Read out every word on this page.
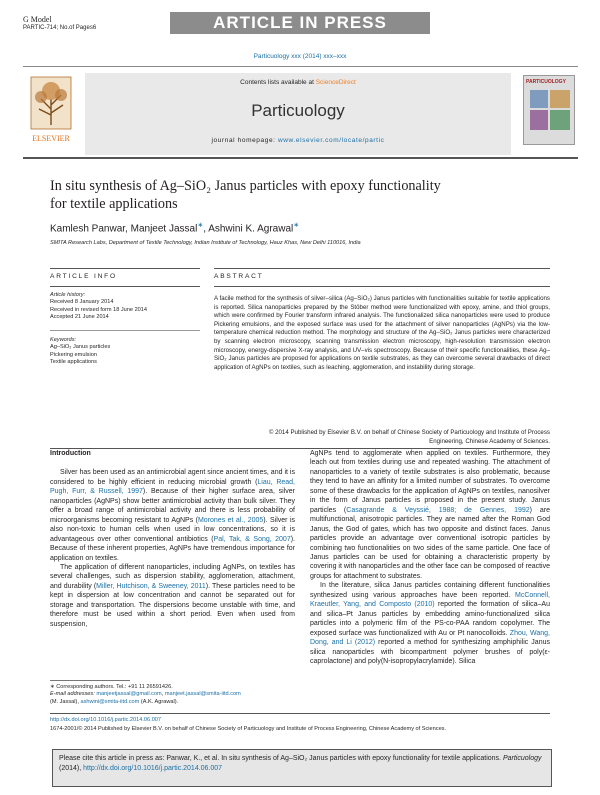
G Model
PARTIC-714; No.of Pages6	ARTICLE IN PRESS
Particuology xxx (2014) xxx–xxx
ELSEVIER
Contents lists available at ScienceDirect
Particuology
journal homepage: www.elsevier.com/locate/partic
PARTICUOLOGY
In situ synthesis of Ag–SiO₂ Janus particles with epoxy functionality
for textile applications
Kamlesh Panwar, Manjeet Jassal∗, Ashwini K. Agrawal∗
SMITA Research Labs, Department of Textile Technology, Indian Institute of Technology, Hauz Khas, New Delhi 110016, India
ARTICLE INFO	ABSTRACT
Article history:
Received 8 January 2014
Received in revised form 18 June 2014
Accepted 21 June 2014
Keywords:
Ag–SiO₂ Janus particles
Pickering emulsion
Textile applications
A facile method for the synthesis of silver–silica (Ag–SiO₂) Janus particles with functionalities suitable for textile applications is reported. Silica nanoparticles prepared by the Stöber method were functionalized with epoxy, amine, and thiol groups, which were confirmed by Fourier transform infrared analysis. The functionalized silica nanoparticles were used to produce Pickering emulsions, and the exposed surface was used for the attachment of silver nanoparticles (AgNPs) via the low-temperature chemical reduction method. The morphology and structure of the Ag–SiO₂ Janus particles were characterized by scanning electron microscopy, scanning transmission electron microscopy, high-resolution transmission electron microscopy, energy-dispersive X-ray analysis, and UV–vis spectroscopy. Because of their specific functionalities, these Ag–SiO₂ Janus particles are proposed for applications on textile substrates, as they can overcome several drawbacks of direct application of AgNPs on textiles, such as leaching, agglomeration, and instability during storage.
© 2014 Published by Elsevier B.V. on behalf of Chinese Society of Particuology and Institute of Process
Engineering, Chinese Academy of Sciences.
Introduction

Silver has been used as an antimicrobial agent since ancient times, and it is considered to be highly efficient in reducing microbial growth (Liau, Read, Pugh, Furr, & Russell, 1997). Because of their higher surface area, silver nanoparticles (AgNPs) show better antimicrobial activity than bulk silver. They offer a broad range of antimicrobial activity and there is less probability of microorganisms becoming resistant to AgNPs (Morones et al., 2005). Silver is also non-toxic to human cells when used in low concentrations, so it is advantageous over other conventional antibiotics (Pal, Tak, & Song, 2007). Because of these inherent properties, AgNPs have tremendous importance for application on textiles.

The application of different nanoparticles, including AgNPs, on textiles has several challenges, such as dispersion stability, agglomeration, attachment, and durability (Miller, Hutchison, & Sweeney, 2011). These particles need to be kept in dispersion at low concentration and cannot be separated out for storage and transportation. The dispersions become unstable with time, and therefore must be used within a short period. Even when used from suspension,

AgNPs tend to agglomerate when applied on textiles. Furthermore, they leach out from textiles during use and repeated washing. The attachment of nanoparticles to a variety of textile substrates is also problematic, because they tend to have an affinity for a limited number of substrates. To overcome some of these drawbacks for the application of AgNPs on textiles, nanosilver in the form of Janus particles is proposed in the present study. Janus particles (Casagrande & Veyssié, 1988; de Gennes, 1992) are multifunctional, anisotropic particles. They are named after the Roman God Janus, the God of gates, which has two opposite and distinct faces. Janus particles provide an advantage over conventional isotropic particles by combining two functionalities on two sides of the same particle. One face of Janus particles can be used for obtaining a characteristic property by covering it with nanoparticles and the other face can be composed of reactive groups for attachment to substrates.

In the literature, silica Janus particles containing different functionalities synthesized using various approaches have been reported. McConnell, Kraeutler, Yang, and Composto (2010) reported the formation of silica–Au and silica–Pt Janus particles by embedding amino-functionalized silica particles into a polymeric film of the PS-co-PAA random copolymer. The exposed surface was functionalized with Au or Pt nanocolloids. Zhou, Wang, Dong, and Li (2012) reported a method for synthesizing amphiphilic Janus silica nanoparticles with bicompartment polymer brushes of poly(ε-caprolactone) and poly(N-isopropylacrylamide). Silica

∗ Corresponding authors. Tel.: +91 11 26591426.
E-mail addresses: manjeetjassal@gmail.com, manjeet.jassal@smita-iitd.com
(M. Jassal), ashwini@smita-iitd.com (A.K. Agrawal).
http://dx.doi.org/10.1016/j.partic.2014.06.007
1674-2001/© 2014 Published by Elsevier B.V. on behalf of Chinese Society of Particuology and Institute of Process Engineering, Chinese Academy of Sciences.
Please cite this article in press as: Panwar, K., et al. In situ synthesis of Ag–SiO₂ Janus particles with epoxy functionality for textile applications. Particuology (2014), http://dx.doi.org/10.1016/j.partic.2014.06.007
